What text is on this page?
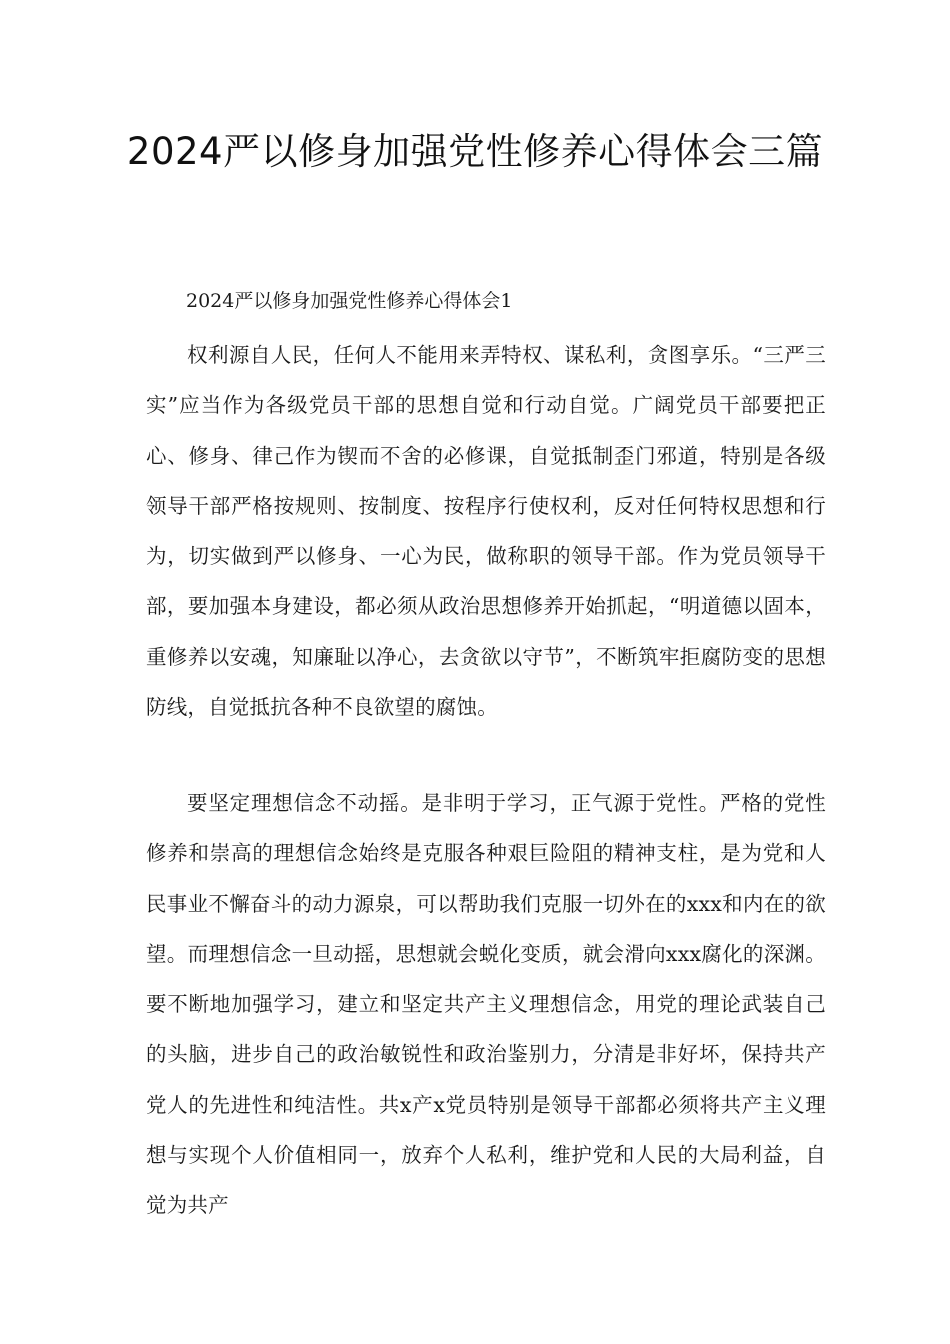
2024严以修身加强党性修养心得体会三篇

2024严以修身加强党性修养心得体会1

权利源自人民，任何人不能用来弄特权、谋私利，贪图享乐。“三严三实”应当作为各级党员干部的思想自觉和行动自觉。广阔党员干部要把正心、修身、律己作为锲而不舍的必修课，自觉抵制歪门邪道，特别是各级领导干部严格按规则、按制度、按程序行使权利，反对任何特权思想和行为，切实做到严以修身、一心为民，做称职的领导干部。作为党员领导干部，要加强本身建设，都必须从政治思想修养开始抓起，“明道德以固本，重修养以安魂，知廉耻以净心，去贪欲以守节”，不断筑牢拒腐防变的思想防线，自觉抵抗各种不良欲望的腐蚀。

要坚定理想信念不动摇。是非明于学习，正气源于党性。严格的党性修养和崇高的理想信念始终是克服各种艰巨险阻的精神支柱，是为党和人民事业不懈奋斗的动力源泉，可以帮助我们克服一切外在的xxx和内在的欲望。而理想信念一旦动摇，思想就会蜕化变质，就会滑向xxx腐化的深渊。要不断地加强学习，建立和坚定共产主义理想信念，用党的理论武装自己的头脑，进步自己的政治敏锐性和政治鉴别力，分清是非好坏，保持共产党人的先进性和纯洁性。共x产x党员特别是领导干部都必须将共产主义理想与实现个人价值相同一，放弃个人私利，维护党和人民的大局利益，自觉为共产
